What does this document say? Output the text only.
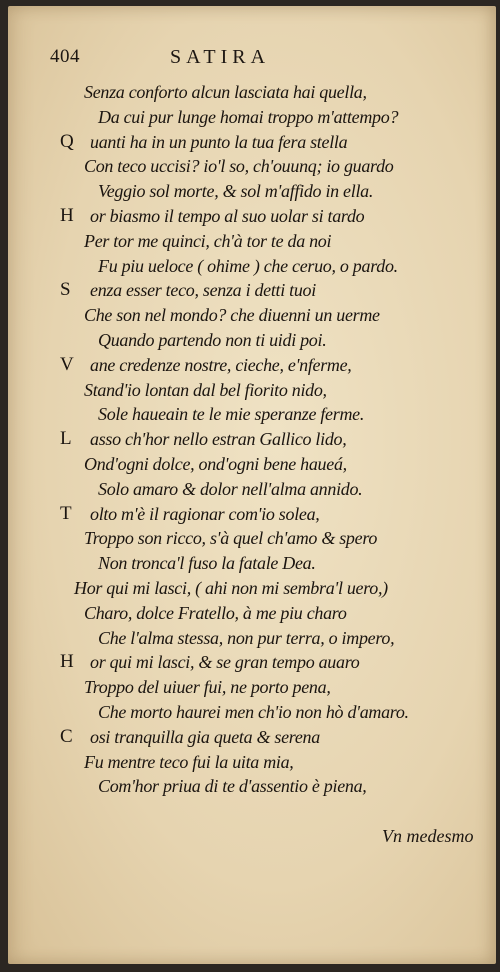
404	SATIRA
Senza conforto alcun lasciata hai quella,
Da cui pur lunge homai troppo m'attempo?
Q uanti ha in un punto la tua fera stella
Con teco uccisi? io'l so, ch'ouunq; io guardo
Veggio sol morte, & sol m'affido in ella.
H or biasmo il tempo al suo uolar si tardo
Per tor me quinci, ch'à tor te da noi
Fu piu ueloce ( ohime ) che ceruo, o pardo.
S enza esser teco, senza i detti tuoi
Che son nel mondo? che diuenni un uerme
Quando partendo non ti uidi poi.
V ane credenze nostre, cieche, e'nferme,
Stand'io lontan dal bel fiorito nido,
Sole haueain te le mie speranze ferme.
L asso ch'hor nello estran Gallico lido,
Ond'ogni dolce, ond'ogni bene haueá,
Solo amaro & dolor nell'alma annido.
T olto m'è il ragionar com'io solea,
Troppo son ricco, s'à quel ch'amo & spero
Non tronca'l fuso la fatale Dea.
Hor qui mi lasci, ( ahi non mi sembra'l uero,)
Charo, dolce Fratello, à me piu charo
Che l'alma stessa, non pur terra, o impero,
H or qui mi lasci, & se gran tempo auaro
Troppo del uiuer fui, ne porto pena,
Che morto haurei men ch'io non hò d'amaro.
C osi tranquilla gia queta & serena
Fu mentre teco fui la uita mia,
Com'hor priua di te d'assentio è piena,
Vn medesmo
